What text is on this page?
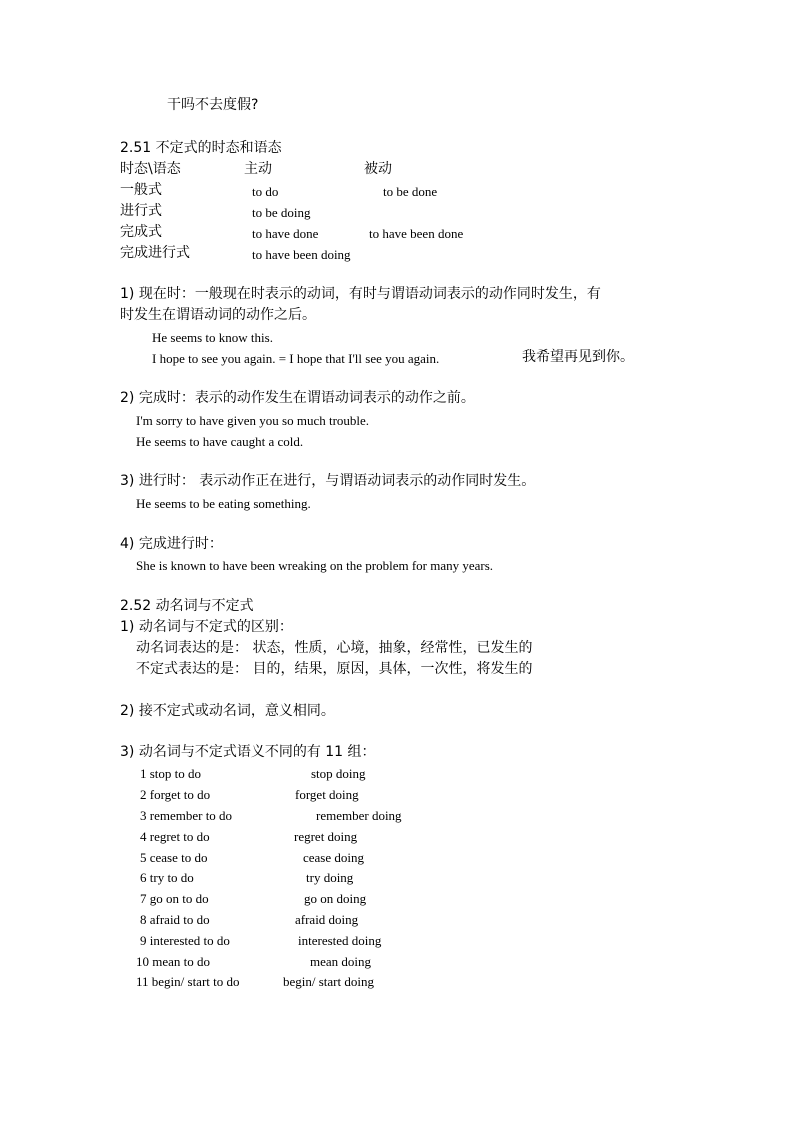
干吗不去度假?
2.51 不定式的时态和语态
时态\语态	主动	被动
一般式	to do	to be done
进行式	to be doing
完成式	to have done	to have been done
完成进行式	to have been doing
1) 现在时：一般现在时表示的动词，有时与谓语动词表示的动作同时发生，有
时发生在谓语动词的动作之后。
He seems to know this.
I hope to see you again. = I hope that I'll see you again.	我希望再见到你。
2) 完成时：表示的动作发生在谓语动词表示的动作之前。
I'm sorry to have given you so much trouble.
He seems to have caught a cold.
3) 进行时： 表示动作正在进行，与谓语动词表示的动作同时发生。
He seems to be eating something.
4) 完成进行时：
She is known to have been wreaking on the problem for many years.
2.52 动名词与不定式
1) 动名词与不定式的区别：
动名词表达的是： 状态，性质，心境，抽象，经常性，已发生的
不定式表达的是： 目的，结果，原因，具体，一次性，将发生的
2) 接不定式或动名词，意义相同。
3) 动名词与不定式语义不同的有 11 组：
1 stop to do	stop doing
2 forget to do	forget doing
3 remember to do	remember doing
4 regret to do	regret doing
5 cease to do	cease doing
6 try to do	try doing
7 go on to do	go on doing
8 afraid to do	afraid doing
9 interested to do	interested doing
10 mean to do	mean doing
11 begin/ start to do	begin/ start doing
